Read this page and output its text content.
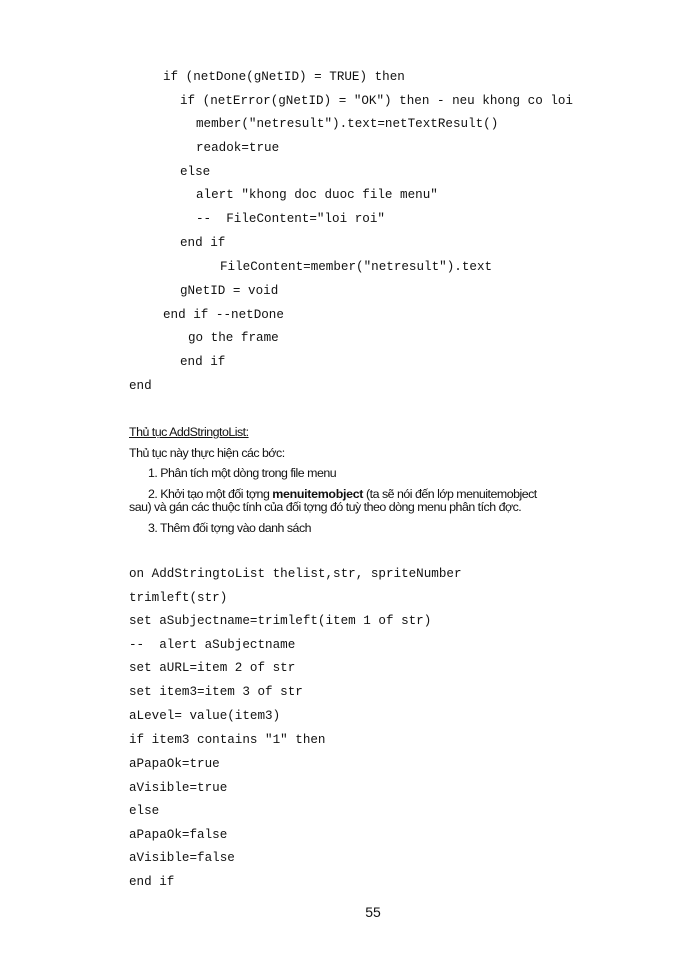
if (netDone(gNetID) = TRUE) then
if (netError(gNetID) = "OK") then - neu khong co loi
member("netresult").text=netTextResult()
readok=true
else
alert "khong doc duoc file menu"
--  FileContent="loi roi"
end if
FileContent=member("netresult").text
gNetID = void
end if --netDone
go the frame
end if
end
Thủ tục AddStringtoList:
Thủ tục này thực hiện các bớc:
1. Phân tích một dòng trong file menu
2. Khởi tạo một đối tợng menuitemobject (ta sẽ nói đến lớp menuitemobject
sau) và gán các thuộc tính của đối tợng đó tuỳ theo dòng menu phân tích đợc.
3. Thêm đối tợng vào danh sách
on AddStringtoList thelist,str, spriteNumber
trimleft(str)
set aSubjectname=trimleft(item 1 of str)
--  alert aSubjectname
set aURL=item 2 of str
set item3=item 3 of str
aLevel= value(item3)
if item3 contains "1" then
aPapaOk=true
aVisible=true
else
aPapaOk=false
aVisible=false
end if
55
